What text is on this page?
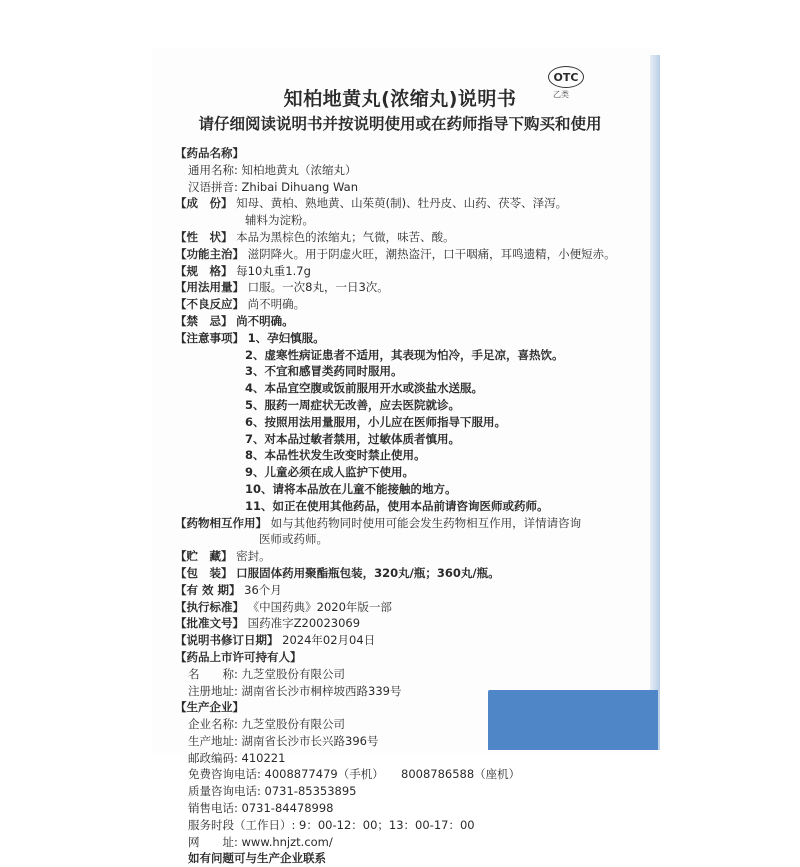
知柏地黄丸(浓缩丸)说明书
OTC
乙类
请仔细阅读说明书并按说明使用或在药师指导下购买和使用
【药品名称】
通用名称: 知柏地黄丸（浓缩丸）
汉语拼音: Zhibai Dihuang Wan
【成　份】 知母、黄柏、熟地黄、山茱萸(制)、牡丹皮、山药、茯苓、泽泻。
辅料为淀粉。
【性　状】 本品为黑棕色的浓缩丸；气微，味苦、酸。
【功能主治】 滋阴降火。用于阴虚火旺，潮热盗汗，口干咽痛，耳鸣遗精，小便短赤。
【规　格】 每10丸重1.7g
【用法用量】 口服。一次8丸，一日3次。
【不良反应】 尚不明确。
【禁　忌】 尚不明确。
【注意事项】 1、孕妇慎服。
2、虚寒性病证患者不适用，其表现为怕冷，手足凉，喜热饮。
3、不宜和感冒类药同时服用。
4、本品宜空腹或饭前服用开水或淡盐水送服。
5、服药一周症状无改善，应去医院就诊。
6、按照用法用量服用，小儿应在医师指导下服用。
7、对本品过敏者禁用，过敏体质者慎用。
8、本品性状发生改变时禁止使用。
9、儿童必须在成人监护下使用。
10、请将本品放在儿童不能接触的地方。
11、如正在使用其他药品，使用本品前请咨询医师或药师。
【药物相互作用】 如与其他药物同时使用可能会发生药物相互作用，详情请咨询
医师或药师。
【贮　藏】 密封。
【包　装】 口服固体药用聚酯瓶包装，320丸/瓶；360丸/瓶。
【有 效 期】 36个月
【执行标准】 《中国药典》2020年版一部
【批准文号】 国药准字Z20023069
【说明书修订日期】 2024年02月04日
【药品上市许可持有人】
名　　称: 九芝堂股份有限公司
注册地址: 湖南省长沙市桐梓坡西路339号
【生产企业】
企业名称: 九芝堂股份有限公司
生产地址: 湖南省长沙市长兴路396号
邮政编码: 410221
免费咨询电话: 4008877479（手机） 8008786588（座机）
质量咨询电话: 0731-85353895
销售电话: 0731-84478998
服务时段（工作日）: 9：00-12：00；13：00-17：00
网　　址: www.hnjzt.com/
如有问题可与生产企业联系
